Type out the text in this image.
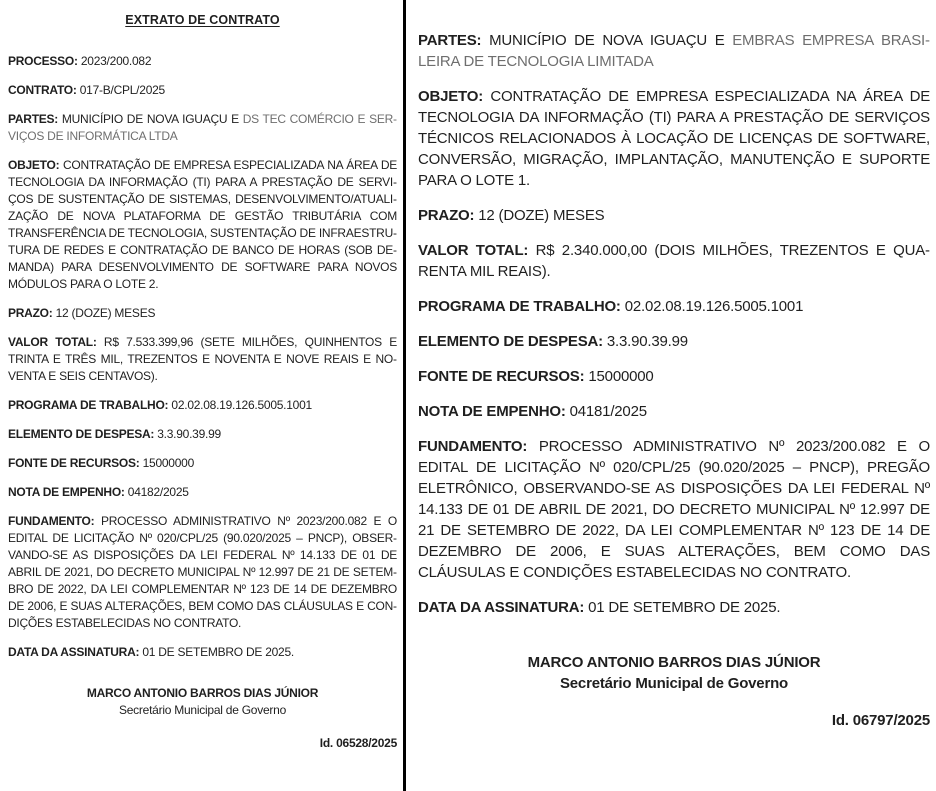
EXTRATO DE CONTRATO

PROCESSO: 2023/200.082

CONTRATO: 017-B/CPL/2025

PARTES: MUNICÍPIO DE NOVA IGUAÇU E DS TEC COMÉRCIO E SERVIÇOS DE INFORMÁTICA LTDA

OBJETO: CONTRATAÇÃO DE EMPRESA ESPECIALIZADA NA ÁREA DE TECNOLOGIA DA INFORMAÇÃO (TI) PARA A PRESTAÇÃO DE SERVIÇOS DE SUSTENTAÇÃO DE SISTEMAS, DESENVOLVIMENTO/ATUALIZAÇÃO DE NOVA PLATAFORMA DE GESTÃO TRIBUTÁRIA COM TRANSFERÊNCIA DE TECNOLOGIA, SUSTENTAÇÃO DE INFRAESTRUTURA DE REDES E CONTRATAÇÃO DE BANCO DE HORAS (SOB DEMANDA) PARA DESENVOLVIMENTO DE SOFTWARE PARA NOVOS MÓDULOS PARA O LOTE 2.

PRAZO: 12 (DOZE) MESES

VALOR TOTAL: R$ 7.533.399,96 (SETE MILHÕES, QUINHENTOS E TRINTA E TRÊS MIL, TREZENTOS E NOVENTA E NOVE REAIS E NOVENTA E SEIS CENTAVOS).

PROGRAMA DE TRABALHO: 02.02.08.19.126.5005.1001

ELEMENTO DE DESPESA: 3.3.90.39.99

FONTE DE RECURSOS: 15000000

NOTA DE EMPENHO: 04182/2025

FUNDAMENTO: PROCESSO ADMINISTRATIVO Nº 2023/200.082 E O EDITAL DE LICITAÇÃO Nº 020/CPL/25 (90.020/2025 – PNCP), OBSERVANDO-SE AS DISPOSIÇÕES DA LEI FEDERAL Nº 14.133 DE 01 DE ABRIL DE 2021, DO DECRETO MUNICIPAL Nº 12.997 DE 21 DE SETEMBRO DE 2022, DA LEI COMPLEMENTAR Nº 123 DE 14 DE DEZEMBRO DE 2006, E SUAS ALTERAÇÕES, BEM COMO DAS CLÁUSULAS E CONDIÇÕES ESTABELECIDAS NO CONTRATO.

DATA DA ASSINATURA: 01 DE SETEMBRO DE 2025.

MARCO ANTONIO BARROS DIAS JÚNIOR
Secretário Municipal de Governo
Id. 06528/2025

PARTES: MUNICÍPIO DE NOVA IGUAÇU E EMBRAS EMPRESA BRASILEIRA DE TECNOLOGIA LIMITADA

OBJETO: CONTRATAÇÃO DE EMPRESA ESPECIALIZADA NA ÁREA DE TECNOLOGIA DA INFORMAÇÃO (TI) PARA A PRESTAÇÃO DE SERVIÇOS TÉCNICOS RELACIONADOS À LOCAÇÃO DE LICENÇAS DE SOFTWARE, CONVERSÃO, MIGRAÇÃO, IMPLANTAÇÃO, MANUTENÇÃO E SUPORTE PARA O LOTE 1.

PRAZO: 12 (DOZE) MESES

VALOR TOTAL: R$ 2.340.000,00 (DOIS MILHÕES, TREZENTOS E QUARENTA MIL REAIS).

PROGRAMA DE TRABALHO: 02.02.08.19.126.5005.1001

ELEMENTO DE DESPESA: 3.3.90.39.99

FONTE DE RECURSOS: 15000000

NOTA DE EMPENHO: 04181/2025

FUNDAMENTO: PROCESSO ADMINISTRATIVO Nº 2023/200.082 E O EDITAL DE LICITAÇÃO Nº 020/CPL/25 (90.020/2025 – PNCP), PREGÃO ELETRÔNICO, OBSERVANDO-SE AS DISPOSIÇÕES DA LEI FEDERAL Nº 14.133 DE 01 DE ABRIL DE 2021, DO DECRETO MUNICIPAL Nº 12.997 DE 21 DE SETEMBRO DE 2022, DA LEI COMPLEMENTAR Nº 123 DE 14 DE DEZEMBRO DE 2006, E SUAS ALTERAÇÕES, BEM COMO DAS CLÁUSULAS E CONDIÇÕES ESTABELECIDAS NO CONTRATO.

DATA DA ASSINATURA: 01 DE SETEMBRO DE 2025.

MARCO ANTONIO BARROS DIAS JÚNIOR
Secretário Municipal de Governo
Id. 06797/2025
